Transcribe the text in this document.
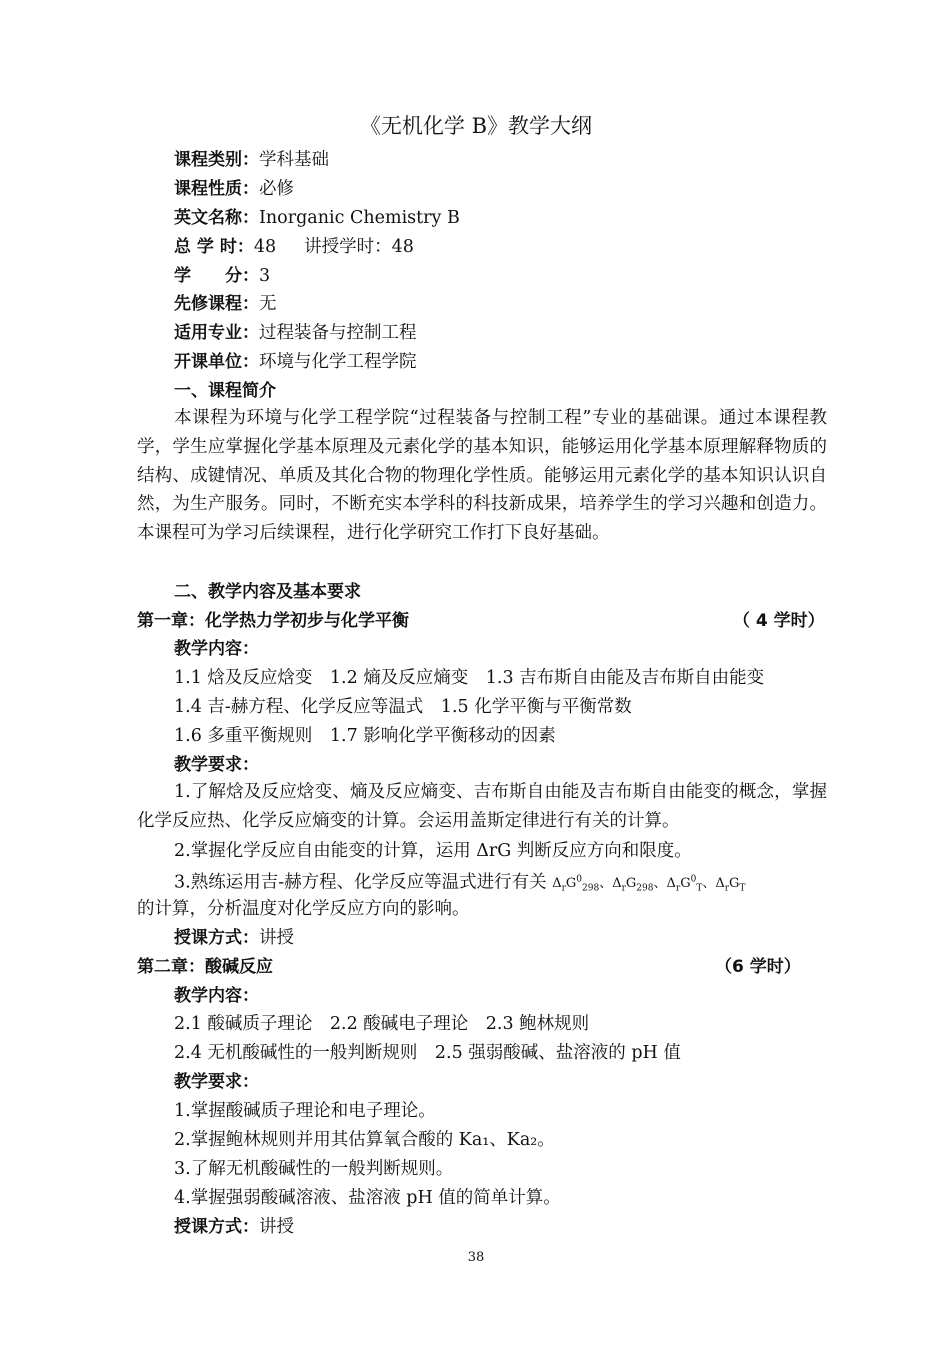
《无机化学 B》教学大纲
课程类别：学科基础
课程性质：必修
英文名称：Inorganic Chemistry B
总 学 时：48 讲授学时：48
学　　分：3
先修课程：无
适用专业：过程装备与控制工程
开课单位：环境与化学工程学院
一、课程简介
本课程为环境与化学工程学院“过程装备与控制工程”专业的基础课。通过本课程教学，学生应掌握化学基本原理及元素化学的基本知识，能够运用化学基本原理解释物质的结构、成键情况、单质及其化合物的物理化学性质。能够运用元素化学的基本知识认识自然，为生产服务。同时，不断充实本学科的科技新成果，培养学生的学习兴趣和创造力。本课程可为学习后续课程，进行化学研究工作打下良好基础。
二、教学内容及基本要求
第一章：化学热力学初步与化学平衡	（ 4 学时）
教学内容：
1.1 焓及反应焓变　1.2 熵及反应熵变　1.3 吉布斯自由能及吉布斯自由能变
1.4 吉-赫方程、化学反应等温式　1.5 化学平衡与平衡常数
1.6 多重平衡规则　1.7 影响化学平衡移动的因素
教学要求：
1.了解焓及反应焓变、熵及反应熵变、吉布斯自由能及吉布斯自由能变的概念，掌握化学反应热、化学反应熵变的计算。会运用盖斯定律进行有关的计算。
2.掌握化学反应自由能变的计算，运用 ΔrG 判断反应方向和限度。
3.熟练运用吉-赫方程、化学反应等温式进行有关 $\Delta_rG^0_{298}$、$\Delta_rG_{298}$、$\Delta_rG^0_T$、$\Delta_rG_T$
的计算，分析温度对化学反应方向的影响。
授课方式：讲授
第二章：酸碱反应	（6 学时）
教学内容：
2.1 酸碱质子理论　2.2 酸碱电子理论　2.3 鲍林规则
2.4 无机酸碱性的一般判断规则　2.5 强弱酸碱、盐溶液的 pH 值
教学要求：
1.掌握酸碱质子理论和电子理论。
2.掌握鲍林规则并用其估算氧合酸的 Ka₁、Ka₂。
3.了解无机酸碱性的一般判断规则。
4.掌握强弱酸碱溶液、盐溶液 pH 值的简单计算。
授课方式：讲授
38
